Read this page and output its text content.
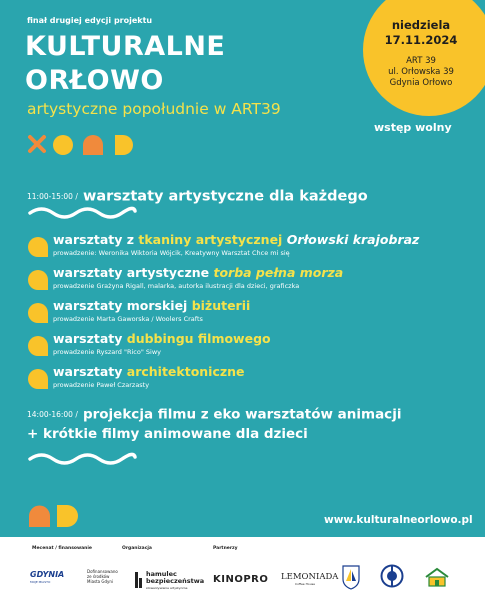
finał drugiej edycji projektu
KULTURALNE
ORŁOWO
artystyczne popołudnie w ART39
niedziela
17.11.2024
ART 39
ul. Orłowska 39
Gdynia Orłowo
wstęp wolny
11:00-15:00 / warsztaty artystyczne dla każdego
warsztaty z tkaniny artystycznej Orłowski krajobraz
prowadzenie: Weronika Wiktoria Wójcik, Kreatywny Warsztat Chce mi się
warsztaty artystyczne torba pełna morza
prowadzenie Grażyna Rigall, malarka, autorka ilustracji dla dzieci, graficzka
warsztaty morskiej biżuterii
prowadzenie Marta Gaworska / Woolers Crafts
warsztaty dubbingu filmowego
prowadzenie Ryszard "Rico" Siwy
warsztaty architektoniczne
prowadzenie Paweł Czarzasty
14:00-16:00 / projekcja filmu z eko warsztatów animacji
+ krótkie filmy animowane dla dzieci
www.kulturalneorlowo.pl
Mecenat / finansowanie	Organizacja	Partnerzy
GDYNIA
MOJE MIASTO
Dofinansowano ze środków Miasta Gdyni
hamulec
bezpieczeństwa
stowarzyszenie artystyczne
KINOPRO LEMONIADA
Coffee House
